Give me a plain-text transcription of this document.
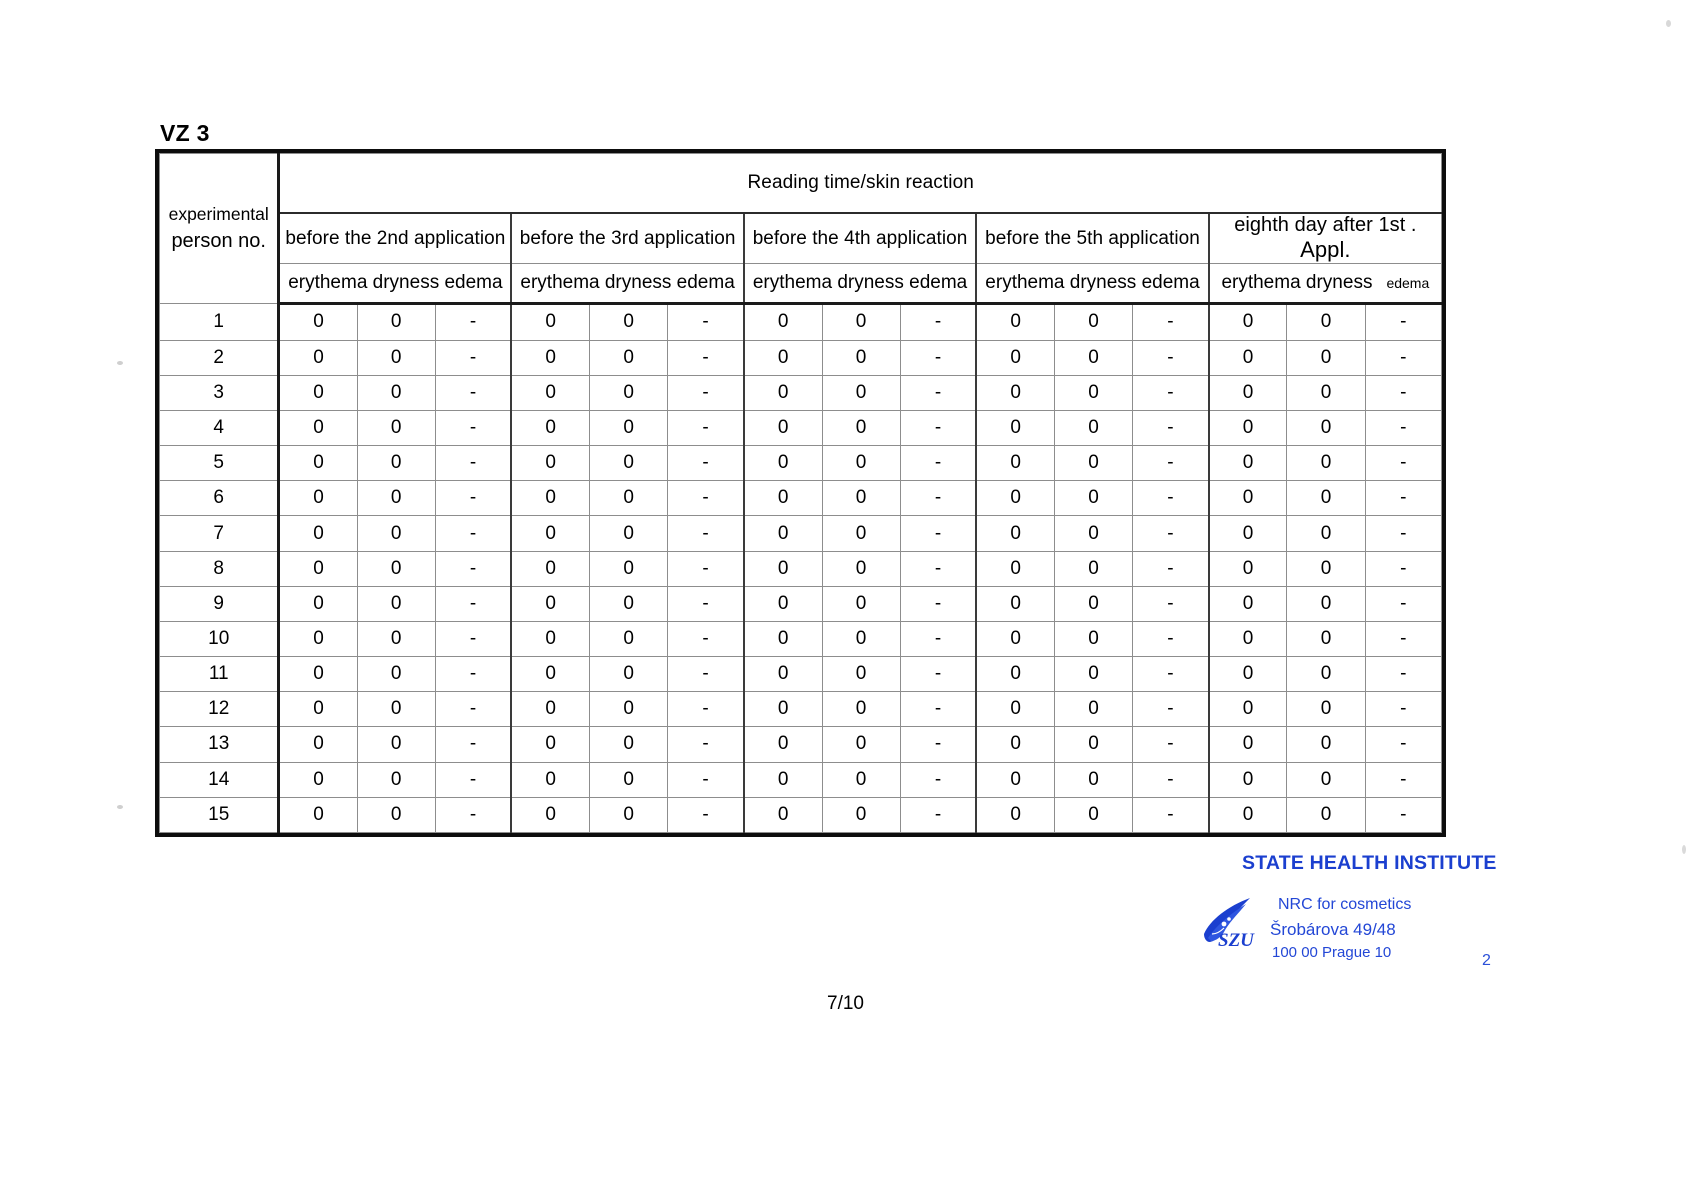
VZ 3
experimental
person no.	Reading time/skin reaction														
	before the 2nd application			before the 3rd application			before the 4th application			before the 5th application			eighth day after 1st . Appl.		
	erythema dryness edema			erythema dryness edema			erythema dryness edema			erythema dryness edema			erythema dryness edema		
1	0	0	-	0	0	-	0	0	-	0	0	-	0	0	-
2	0	0	-	0	0	-	0	0	-	0	0	-	0	0	-
3	0	0	-	0	0	-	0	0	-	0	0	-	0	0	-
4	0	0	-	0	0	-	0	0	-	0	0	-	0	0	-
5	0	0	-	0	0	-	0	0	-	0	0	-	0	0	-
6	0	0	-	0	0	-	0	0	-	0	0	-	0	0	-
7	0	0	-	0	0	-	0	0	-	0	0	-	0	0	-
8	0	0	-	0	0	-	0	0	-	0	0	-	0	0	-
9	0	0	-	0	0	-	0	0	-	0	0	-	0	0	-
10	0	0	-	0	0	-	0	0	-	0	0	-	0	0	-
11	0	0	-	0	0	-	0	0	-	0	0	-	0	0	-
12	0	0	-	0	0	-	0	0	-	0	0	-	0	0	-
13	0	0	-	0	0	-	0	0	-	0	0	-	0	0	-
14	0	0	-	0	0	-	0	0	-	0	0	-	0	0	-
15	0	0	-	0	0	-	0	0	-	0	0	-	0	0	-
STATE HEALTH INSTITUTE
SZU
NRC for cosmetics
Šrobárova 49/48
100 00 Prague 10	2
7/10
